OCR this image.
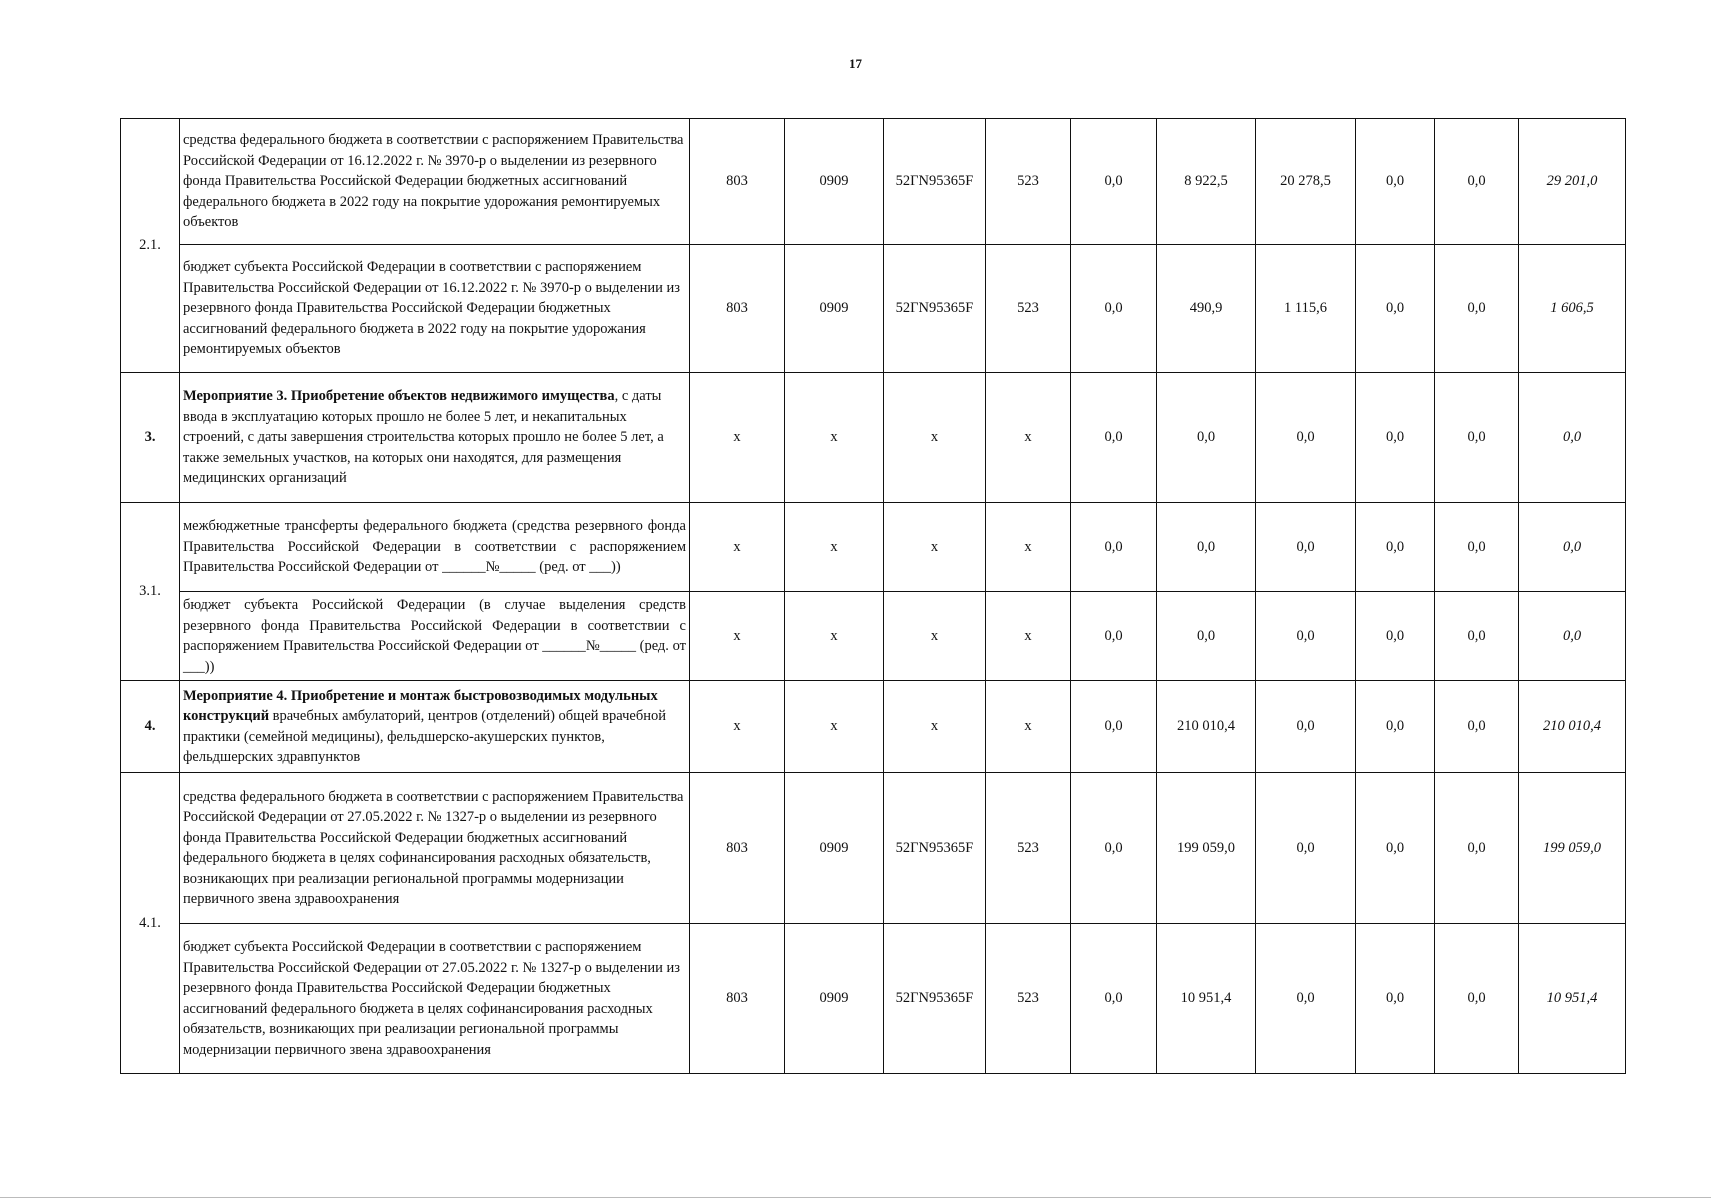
17
2.1.	средства федерального бюджета в соответствии с распоряжением Правительства Российской Федерации от 16.12.2022 г. № 3970-р о выделении из резервного фонда Правительства Российской Федерации бюджетных ассигнований федерального бюджета в 2022 году на покрытие удорожания ремонтируемых объектов	803	0909	52ГN95365F	523	0,0	8 922,5	20 278,5	0,0	0,0	29 201,0
	бюджет субъекта Российской Федерации в соответствии с распоряжением Правительства Российской Федерации от 16.12.2022 г. № 3970-р о выделении из резервного фонда Правительства Российской Федерации бюджетных ассигнований федерального бюджета в 2022 году на покрытие удорожания ремонтируемых объектов	803	0909	52ГN95365F	523	0,0	490,9	1 115,6	0,0	0,0	1 606,5
3.	Мероприятие 3. Приобретение объектов недвижимого имущества, с даты ввода в эксплуатацию которых прошло не более 5 лет, и некапитальных строений, с даты завершения строительства которых прошло не более 5 лет, а также земельных участков, на которых они находятся, для размещения медицинских организаций	x	x	x	x	0,0	0,0	0,0	0,0	0,0	0,0
3.1.	межбюджетные трансферты федерального бюджета (средства резервного фонда Правительства Российской Федерации в соответствии с распоряжением Правительства Российской Федерации от ______№_____ (ред. от ___))	x	x	x	x	0,0	0,0	0,0	0,0	0,0	0,0
	бюджет субъекта Российской Федерации (в случае выделения средств резервного фонда Правительства Российской Федерации в соответствии с распоряжением Правительства Российской Федерации от ______№_____ (ред. от ___))	x	x	x	x	0,0	0,0	0,0	0,0	0,0	0,0
4.	Мероприятие 4. Приобретение и монтаж быстровозводимых модульных конструкций врачебных амбулаторий, центров (отделений) общей врачебной практики (семейной медицины), фельдшерско-акушерских пунктов, фельдшерских здравпунктов	x	x	x	x	0,0	210 010,4	0,0	0,0	0,0	210 010,4
4.1.	средства федерального бюджета в соответствии с распоряжением Правительства Российской Федерации от 27.05.2022 г. № 1327-р о выделении из резервного фонда Правительства Российской Федерации бюджетных ассигнований федерального бюджета в целях софинансирования расходных обязательств, возникающих при реализации региональной программы модернизации первичного звена здравоохранения	803	0909	52ГN95365F	523	0,0	199 059,0	0,0	0,0	0,0	199 059,0
	бюджет субъекта Российской Федерации в соответствии с распоряжением Правительства Российской Федерации от 27.05.2022 г. № 1327-р о выделении из резервного фонда Правительства Российской Федерации бюджетных ассигнований федерального бюджета в целях софинансирования расходных обязательств, возникающих при реализации региональной программы модернизации первичного звена здравоохранения	803	0909	52ГN95365F	523	0,0	10 951,4	0,0	0,0	0,0	10 951,4
